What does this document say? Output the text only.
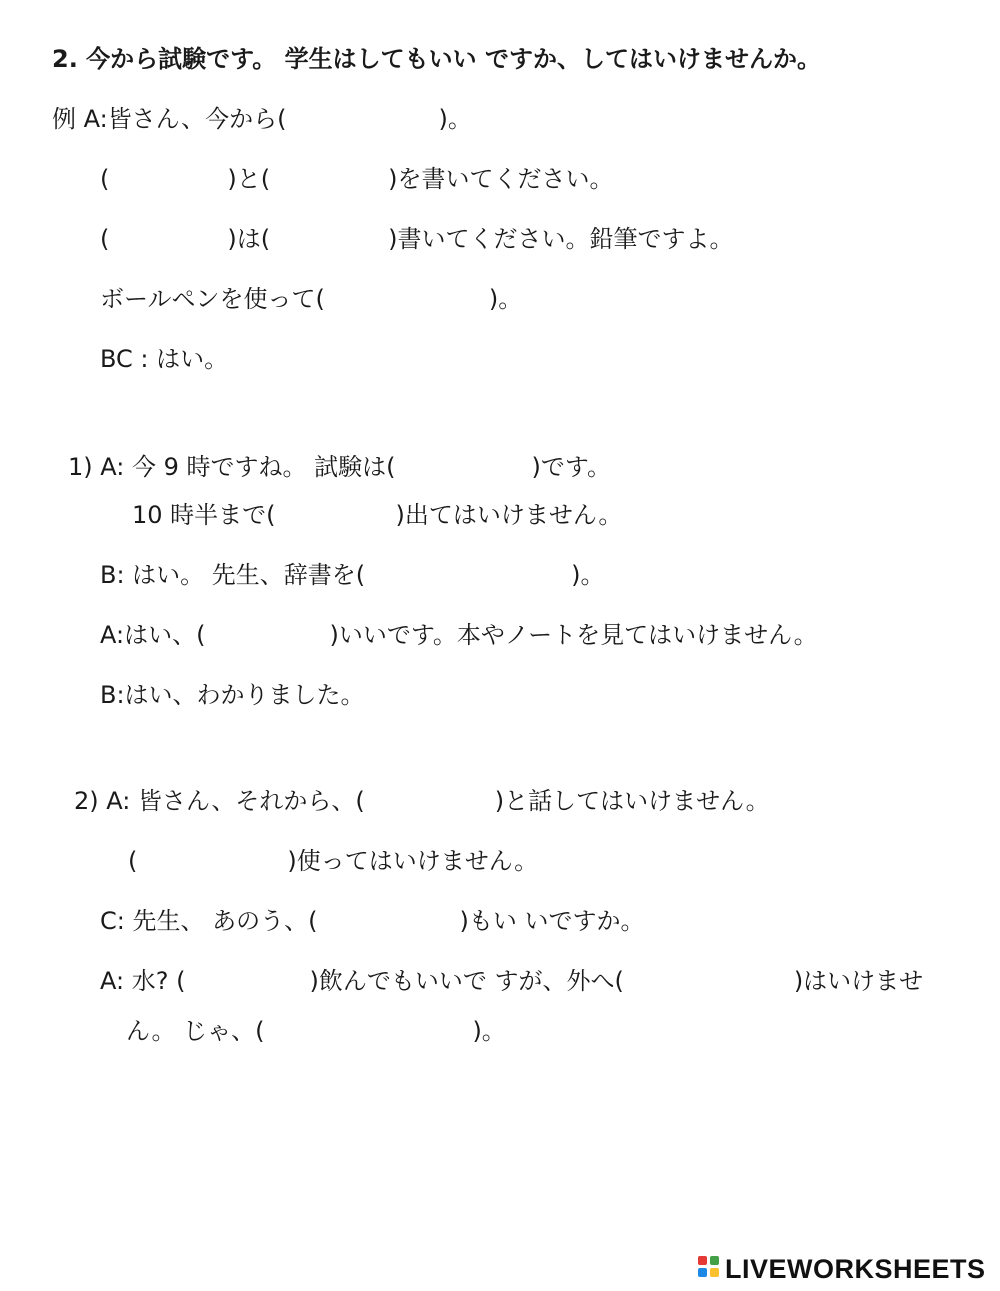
2. 今から試験です。 学生はしてもいい ですか、してはいけませんか。
例 A:皆さん、今から(	)。
(	)と(	)を書いてください。
(	)は(	)書いてください。鉛筆ですよ。
ボールペンを使って(	)。
BC : はい。
1) A: 今 9 時ですね。 試験は(	)です。
10 時半まで(	)出てはいけません。
B: はい。 先生、辞書を(	)。
A:はい、(	)いいです。本やノートを見てはいけません。
B:はい、わかりました。
2) A: 皆さん、それから、(	)と話してはいけません。
(	)使ってはいけません。
C: 先生、 あのう、(	)もい いですか。
A: 水? (	)飲んでもいいで すが、外へ(	)はいけませ
ん。 じゃ、(	)。
LIVEWORKSHEETS
